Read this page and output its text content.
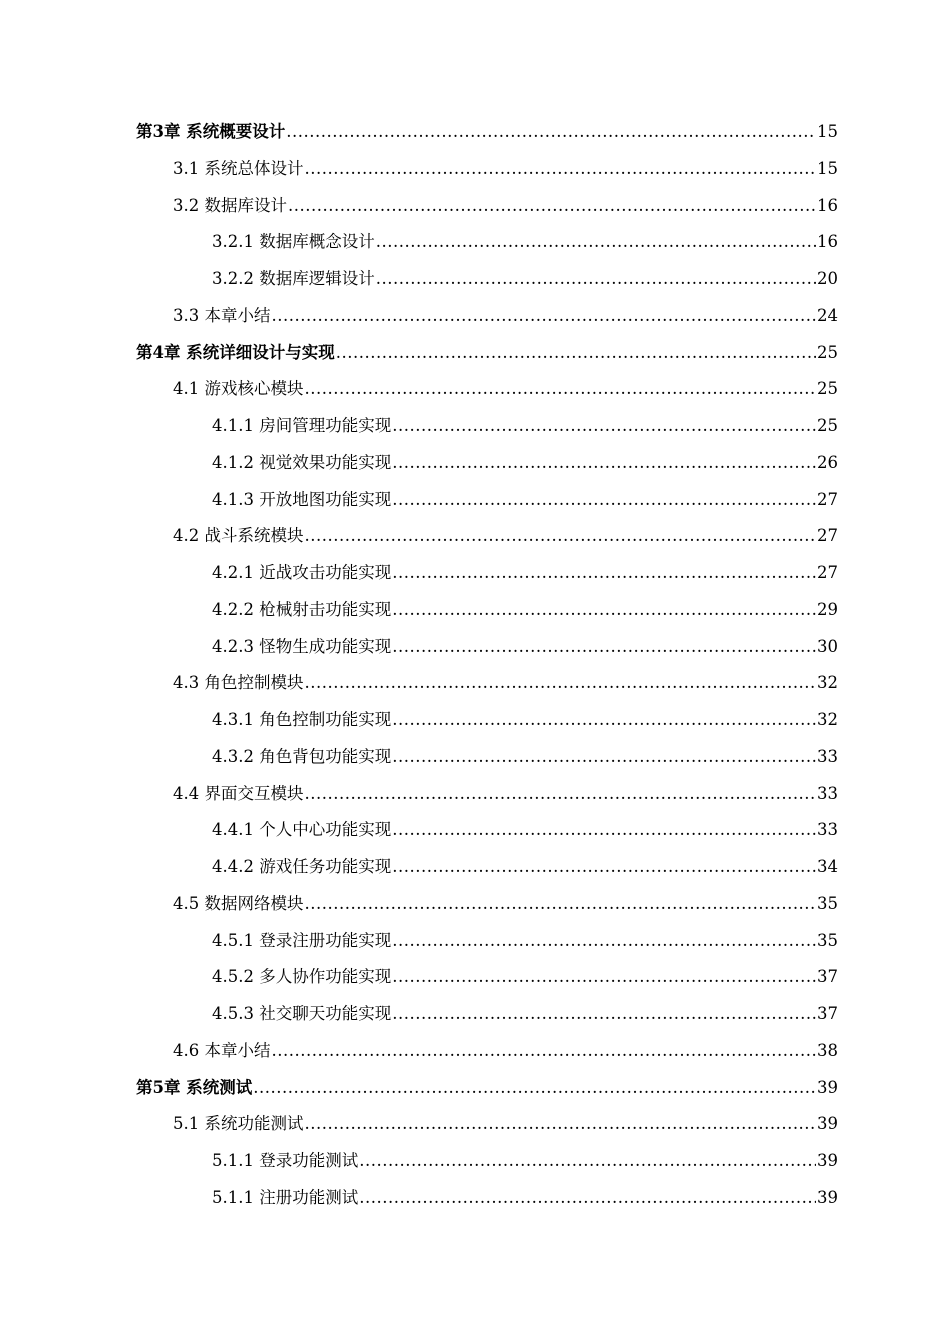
第3章 系统概要设计 .....	15
3.1 系统总体设计 .....	15
3.2 数据库设计 .....	16
3.2.1 数据库概念设计 .....	16
3.2.2 数据库逻辑设计 .....	20
3.3 本章小结 .....	24
第4章 系统详细设计与实现 .....	25
4.1 游戏核心模块 .....	25
4.1.1 房间管理功能实现 .....	25
4.1.2 视觉效果功能实现 .....	26
4.1.3 开放地图功能实现 .....	27
4.2 战斗系统模块 .....	27
4.2.1 近战攻击功能实现 .....	27
4.2.2 枪械射击功能实现 .....	29
4.2.3 怪物生成功能实现 .....	30
4.3 角色控制模块 .....	32
4.3.1 角色控制功能实现 .....	32
4.3.2 角色背包功能实现 .....	33
4.4 界面交互模块 .....	33
4.4.1 个人中心功能实现 .....	33
4.4.2 游戏任务功能实现 .....	34
4.5 数据网络模块 .....	35
4.5.1 登录注册功能实现 .....	35
4.5.2 多人协作功能实现 .....	37
4.5.3 社交聊天功能实现 .....	37
4.6 本章小结 .....	38
第5章 系统测试 .....	39
5.1 系统功能测试 .....	39
5.1.1 登录功能测试 .....	39
5.1.1 注册功能测试 .....	39
